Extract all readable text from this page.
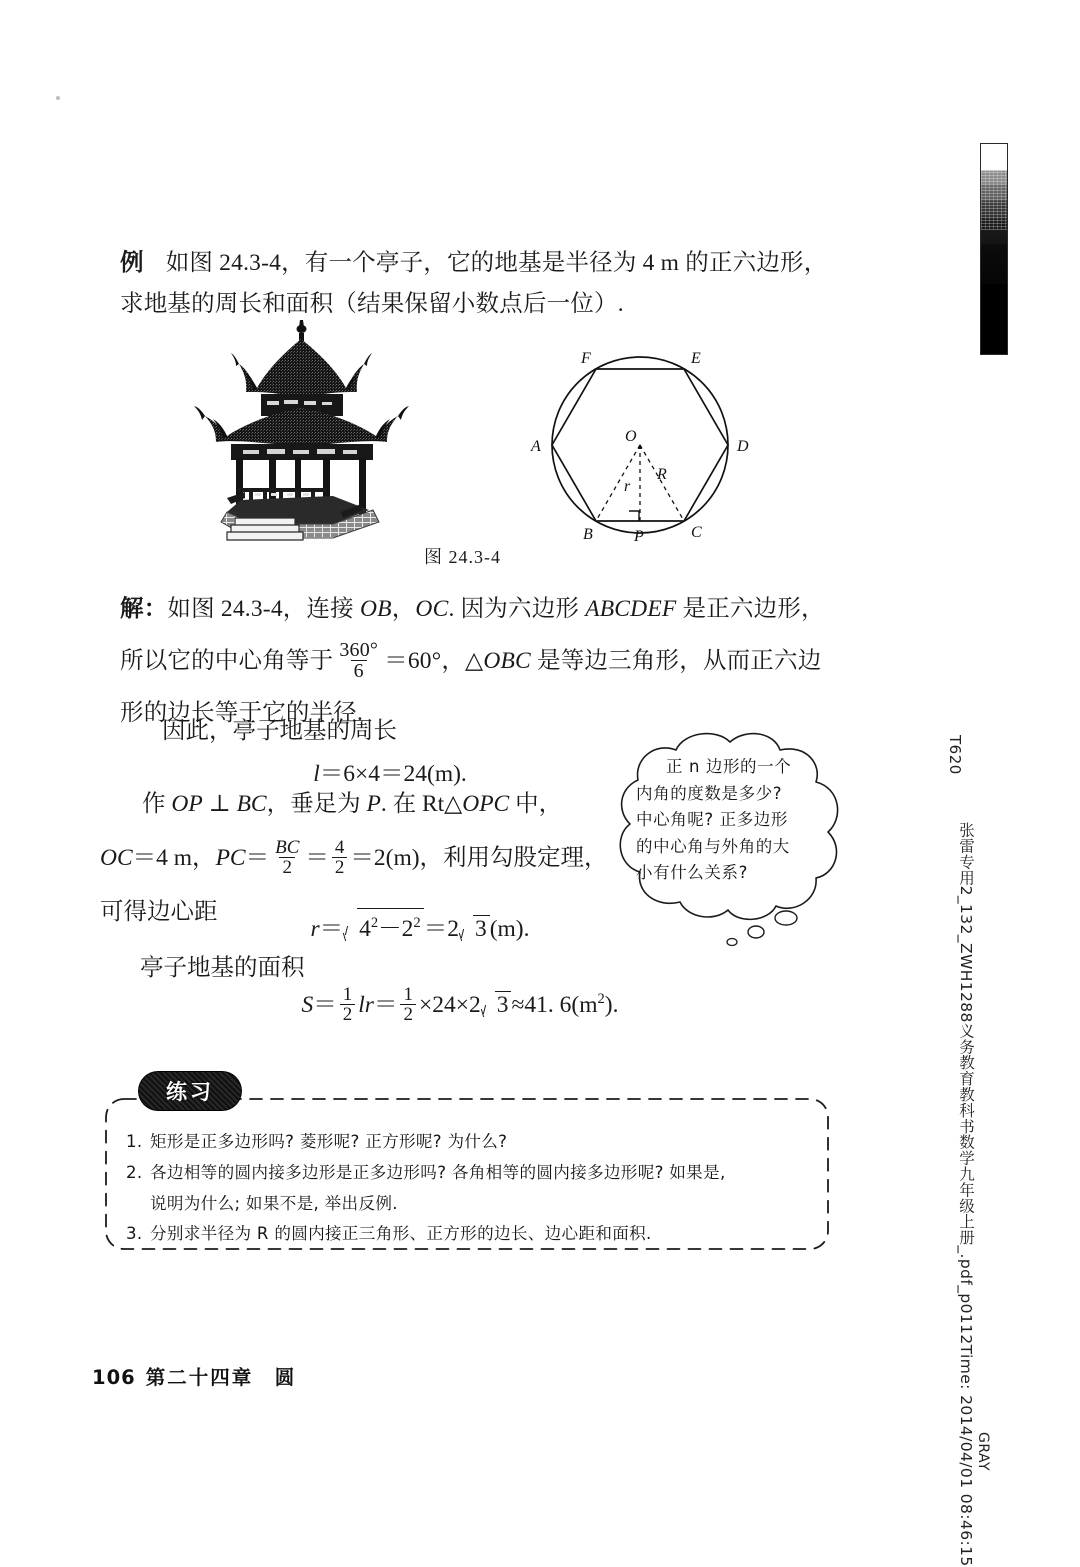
例 如图 24.3-4，有一个亭子，它的地基是半径为 4 m 的正六边形，求地基的周长和面积（结果保留小数点后一位）.
A
B	C
D
E
F
O
R
r
P
图 24.3-4
解：如图 24.3-4，连接 OB，OC. 因为六边形 ABCDEF 是正六边形，所以它的中心角等于 $\frac{360^\circ}{6} =60^\circ$，△OBC 是等边三角形，从而正六边形的边长等于它的半径.
因此，亭子地基的周长
l＝6×4＝24(m).
作 OP ⊥ BC，垂足为 P. 在 Rt△OPC 中，
OC＝4 m，$PC= \frac{BC}{2} = \frac{4}{2} =2(m)$，利用勾股定理，可得边心距
$r= 4^2-2^2 =2$ 3 (m).
亭子地基的面积
$S= \frac{1}{2} lr= \frac{1}{2} \times 24\times 2$ 3 ≈41. $6(m^2)$.
正 n 边形的一个
内角的度数是多少?
中心角呢? 正多边形
的中心角与外角的大
小有什么关系?
练习
1. 矩形是正多边形吗? 菱形呢? 正方形呢? 为什么?
2. 各边相等的圆内接多边形是正多边形吗? 各角相等的圆内接多边形呢? 如果是,
说明为什么; 如果不是, 举出反例.
3. 分别求半径为 R 的圆内接正三角形、正方形的边长、边心距和面积.
106 第二十四章　圆
T620
张雷专用2_132_ZWH1288义务教育教科书数学九年级上册_.pdf_p0112Time: 2014/04/01 08:46:15 GRAY
